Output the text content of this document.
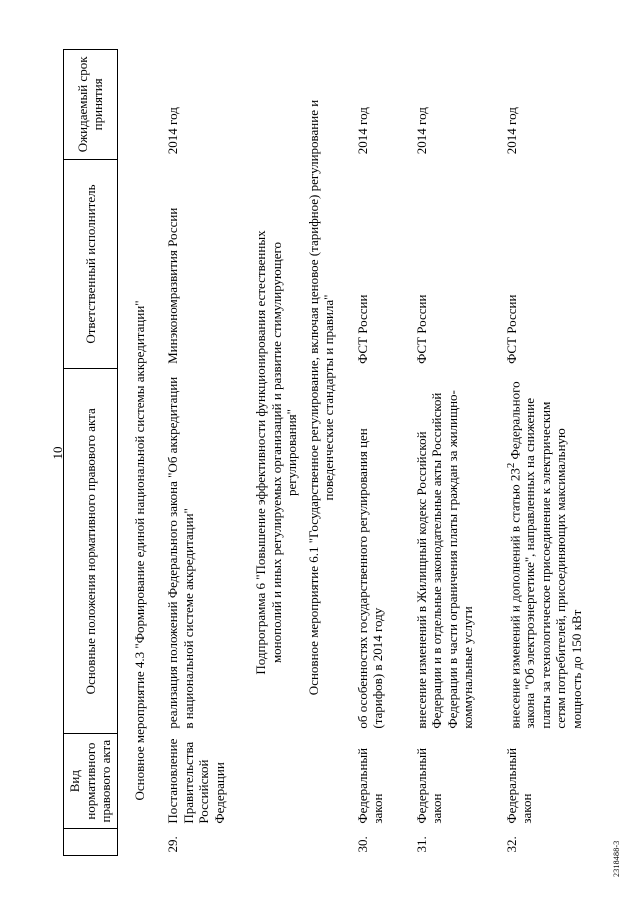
10
	Вид нормативного правового акта	Основные положения нормативного правового акта	Ответственный исполнитель	Ожидаемый срок принятия
Основное мероприятие 4.3 "Формирование единой национальной системы аккредитации"				
29.	Постановление Правительства Российской Федерации	реализация положений Федерального закона "Об аккредитации в национальной системе аккредитации"	Минэкономразвития России	2014 год
Подпрограмма 6 "Повышение эффективности функционирования естественных монополий и иных регулируемых организаций и развитие стимулирующего регулирования"				
Основное мероприятие 6.1 "Государственное регулирование, включая ценовое (тарифное) регулирование и поведенческие стандарты и правила"				
30.	Федеральный закон	об особенностях государственного регулирования цен (тарифов) в 2014 году	ФСТ России	2014 год
31.	Федеральный закон	внесение изменений в Жилищный кодекс Российской Федерации и в отдельные законодательные акты Российской Федерации в части ограничения платы граждан за жилищно-коммунальные услуги	ФСТ России	2014 год
32.	Федеральный закон	внесение изменений и дополнений в статью $23^2$ Федерального закона "Об электроэнергетике", направленных на снижение платы за технологическое присоединение к электрическим сетям потребителей, присоединяющих максимальную мощность до 150 кВт	ФСТ России	2014 год
2318488-3
